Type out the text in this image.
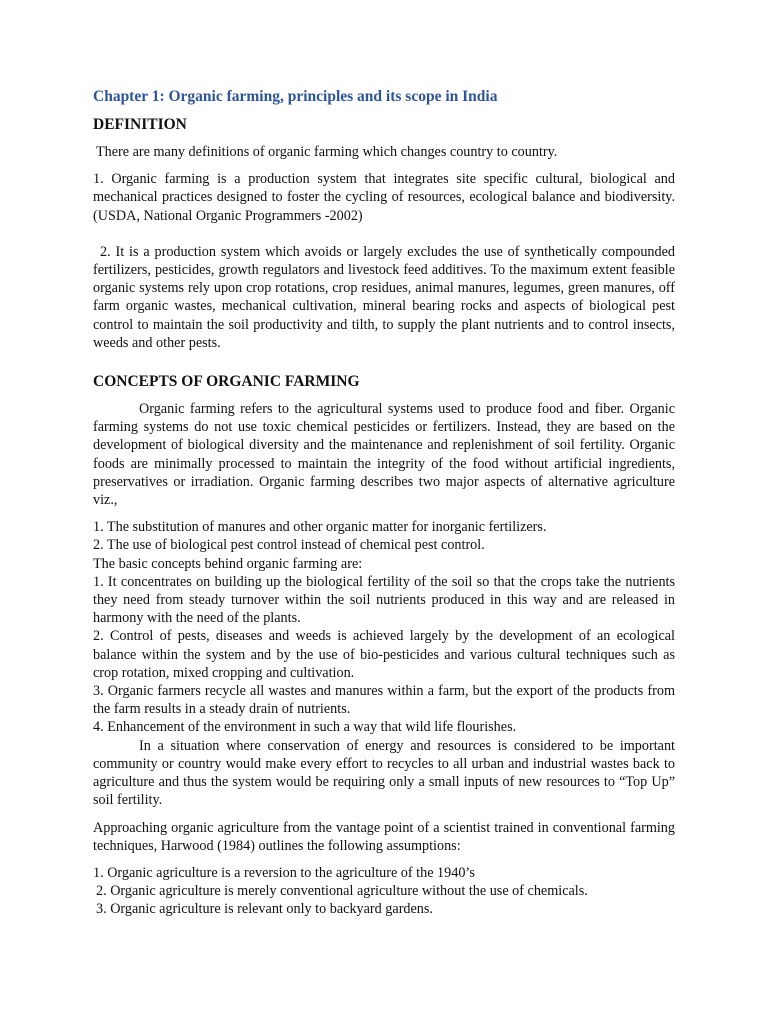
Chapter 1: Organic farming, principles and its scope in India
DEFINITION

There are many definitions of organic farming which changes country to country.

1. Organic farming is a production system that integrates site specific cultural, biological and mechanical practices designed to foster the cycling of resources, ecological balance and biodiversity. (USDA, National Organic Programmers -2002)

2. It is a production system which avoids or largely excludes the use of synthetically compounded fertilizers, pesticides, growth regulators and livestock feed additives. To the maximum extent feasible organic systems rely upon crop rotations, crop residues, animal manures, legumes, green manures, off farm organic wastes, mechanical cultivation, mineral bearing rocks and aspects of biological pest control to maintain the soil productivity and tilth, to supply the plant nutrients and to control insects, weeds and other pests.

CONCEPTS OF ORGANIC FARMING

Organic farming refers to the agricultural systems used to produce food and fiber. Organic farming systems do not use toxic chemical pesticides or fertilizers. Instead, they are based on the development of biological diversity and the maintenance and replenishment of soil fertility. Organic foods are minimally processed to maintain the integrity of the food without artificial ingredients, preservatives or irradiation. Organic farming describes two major aspects of alternative agriculture viz.,

1. The substitution of manures and other organic matter for inorganic fertilizers.

2. The use of biological pest control instead of chemical pest control.

The basic concepts behind organic farming are:

1. It concentrates on building up the biological fertility of the soil so that the crops take the nutrients they need from steady turnover within the soil nutrients produced in this way and are released in harmony with the need of the plants.

2. Control of pests, diseases and weeds is achieved largely by the development of an ecological balance within the system and by the use of bio-pesticides and various cultural techniques such as crop rotation, mixed cropping and cultivation.

3. Organic farmers recycle all wastes and manures within a farm, but the export of the products from the farm results in a steady drain of nutrients.

4. Enhancement of the environment in such a way that wild life flourishes.

In a situation where conservation of energy and resources is considered to be important community or country would make every effort to recycles to all urban and industrial wastes back to agriculture and thus the system would be requiring only a small inputs of new resources to “Top Up” soil fertility.

Approaching organic agriculture from the vantage point of a scientist trained in conventional farming techniques, Harwood (1984) outlines the following assumptions:

1. Organic agriculture is a reversion to the agriculture of the 1940’s

2. Organic agriculture is merely conventional agriculture without the use of chemicals.

3. Organic agriculture is relevant only to backyard gardens.
